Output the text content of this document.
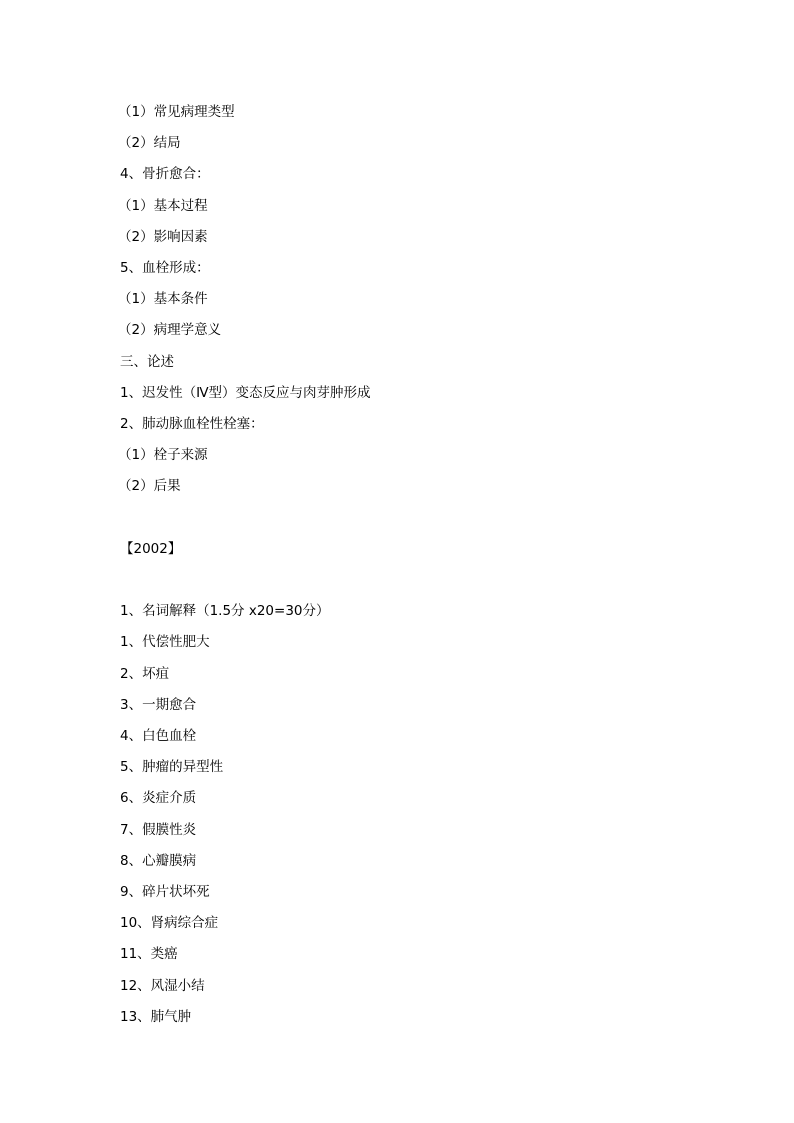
（1）常见病理类型

（2）结局

4、骨折愈合：

（1）基本过程

（2）影响因素

5、血栓形成：

（1）基本条件

（2）病理学意义

三、论述

1、迟发性（Ⅳ型）变态反应与肉芽肿形成

2、肺动脉血栓性栓塞：

（1）栓子来源

（2）后果

【2002】

1、名词解释（1.5分 x20=30分）

1、代偿性肥大

2、坏疽

3、一期愈合

4、白色血栓

5、肿瘤的异型性

6、炎症介质

7、假膜性炎

8、心瓣膜病

9、碎片状坏死

10、肾病综合症

11、类癌

12、风湿小结

13、肺气肿
